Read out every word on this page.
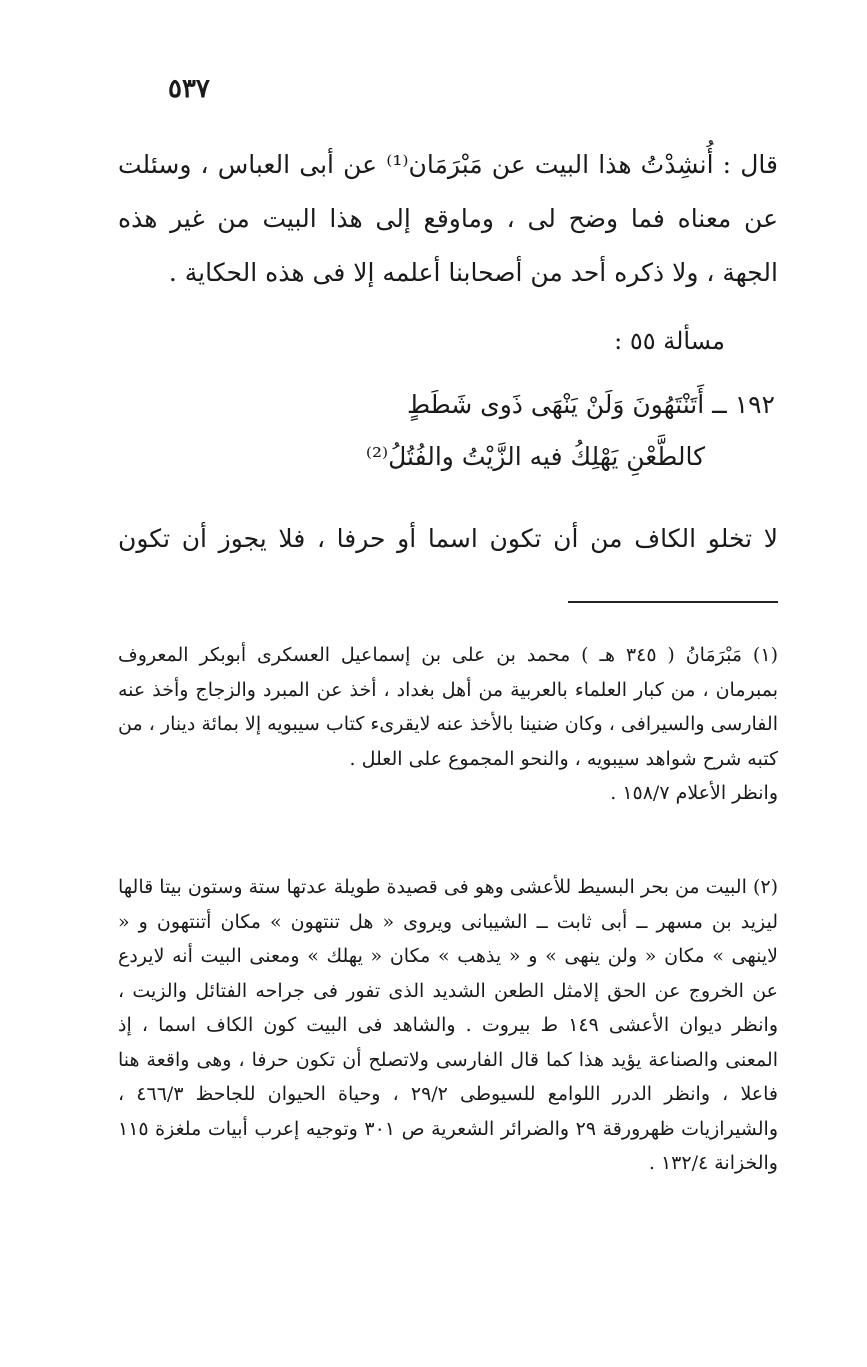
٥٣٧

قال : أُنشِدْتُ هذا البيت عن مَبْرَمَان⁽¹⁾ عن أبى العباس ، وسئلت عن معناه فما وضح لى ، وماوقع إلى هذا البيت من غير هذه الجهة ، ولا ذكره أحد من أصحابنا أعلمه إلا فى هذه الحكاية .

مسألة ٥٥ :
١٩٢ ــ أَتَنْتَهُونَ وَلَنْ يَنْهَى ذَوى شَطَطٍ
كالطَّعْنِ يَهْلِكُ فيه الزَّيْتُ والفُتُلُ⁽²⁾
لا تخلو الكاف من أن تكون اسما أو حرفا ، فلا يجوز أن تكون

(١) مَبْرَمَانُ ( ٣٤٥ هـ ) محمد بن على بن إسماعيل العسكرى أبوبكر المعروف بمبرمان ، من كبار العلماء بالعربية من أهل بغداد ، أخذ عن المبرد والزجاج وأخذ عنه الفارسى والسيرافى ، وكان ضنينا بالأخذ عنه لايقرىء كتاب سيبويه إلا بمائة دينار ، من كتبه شرح شواهد سيبويه ، والنحو المجموع على العلل .

وانظر الأعلام ١٥٨/٧ .

(٢) البيت من بحر البسيط للأعشى وهو فى قصيدة طويلة عدتها ستة وستون بيتا قالها ليزيد بن مسهر ــ أبى ثابت ــ الشيبانى ويروى « هل تنتهون » مكان أتنتهون و « لاينهى » مكان « ولن ينهى » و « يذهب » مكان « يهلك » ومعنى البيت أنه لايردع عن الخروج عن الحق إلامثل الطعن الشديد الذى تفور فى جراحه الفتائل والزيت ، وانظر ديوان الأعشى ١٤٩ ط بيروت . والشاهد فى البيت كون الكاف اسما ، إذ المعنى والصناعة يؤيد هذا كما قال الفارسى ولاتصلح أن تكون حرفا ، وهى واقعة هنا فاعلا ، وانظر الدرر اللوامع للسيوطى ٢٩/٢ ، وحياة الحيوان للجاحظ ٤٦٦/٣ ، والشيرازيات ظهرورقة ٢٩ والضرائر الشعرية ص ٣٠١ وتوجيه إعرب أبيات ملغزة ١١٥ والخزانة ١٣٢/٤ .
